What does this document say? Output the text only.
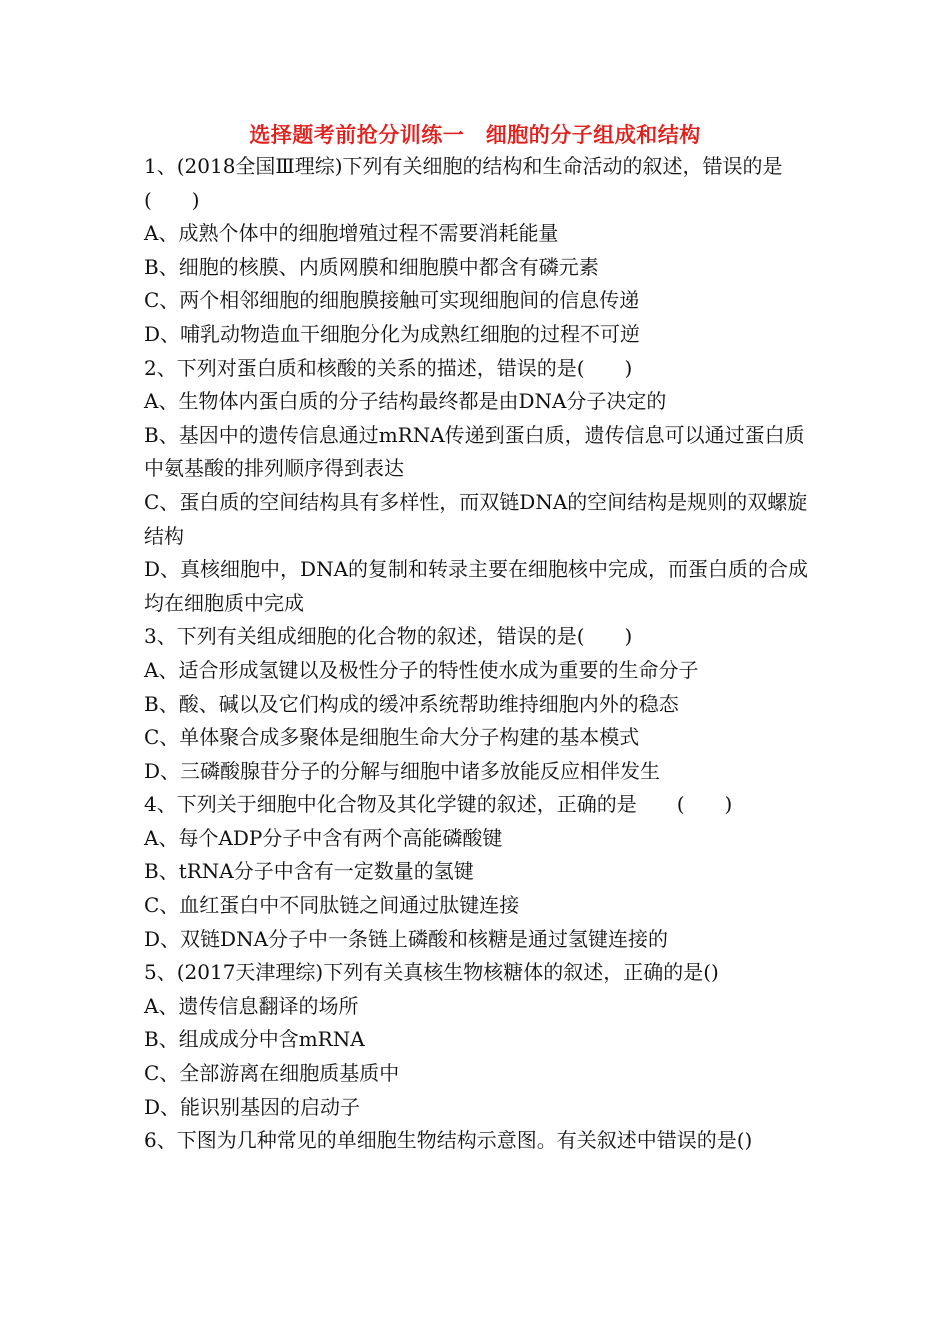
选择题考前抢分训练一　细胞的分子组成和结构
1、(2018全国Ⅲ理综)下列有关细胞的结构和生命活动的叙述，错误的是(　　)
A、成熟个体中的细胞增殖过程不需要消耗能量
B、细胞的核膜、内质网膜和细胞膜中都含有磷元素
C、两个相邻细胞的细胞膜接触可实现细胞间的信息传递
D、哺乳动物造血干细胞分化为成熟红细胞的过程不可逆
2、下列对蛋白质和核酸的关系的描述，错误的是(　　)
A、生物体内蛋白质的分子结构最终都是由DNA分子决定的
B、基因中的遗传信息通过mRNA传递到蛋白质，遗传信息可以通过蛋白质中氨基酸的排列顺序得到表达
C、蛋白质的空间结构具有多样性，而双链DNA的空间结构是规则的双螺旋结构
D、真核细胞中，DNA的复制和转录主要在细胞核中完成，而蛋白质的合成均在细胞质中完成
3、下列有关组成细胞的化合物的叙述，错误的是(　　)
A、适合形成氢键以及极性分子的特性使水成为重要的生命分子
B、酸、碱以及它们构成的缓冲系统帮助维持细胞内外的稳态
C、单体聚合成多聚体是细胞生命大分子构建的基本模式
D、三磷酸腺苷分子的分解与细胞中诸多放能反应相伴发生
4、下列关于细胞中化合物及其化学键的叙述，正确的是　　(　　)
A、每个ADP分子中含有两个高能磷酸键
B、tRNA分子中含有一定数量的氢键
C、血红蛋白中不同肽链之间通过肽键连接
D、双链DNA分子中一条链上磷酸和核糖是通过氢键连接的
5、(2017天津理综)下列有关真核生物核糖体的叙述，正确的是()
A、遗传信息翻译的场所
B、组成成分中含mRNA
C、全部游离在细胞质基质中
D、能识别基因的启动子
6、下图为几种常见的单细胞生物结构示意图。有关叙述中错误的是()
